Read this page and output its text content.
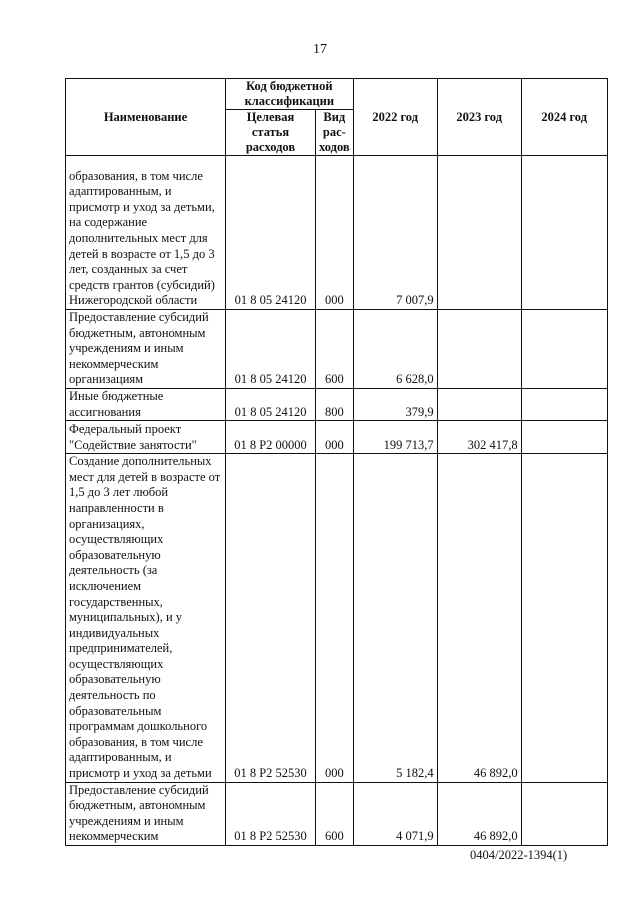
17
Наименование	Код бюджетной классификации		2022 год	2023 год	2024 год
	Целевая статья расходов	Вид рас-ходов			
образования, в том числе адаптированным, и присмотр и уход за детьми, на содержание дополнительных мест для детей в возрасте от 1,5 до 3 лет, созданных за счет средств грантов (субсидий) Нижегородской области	01 8 05 24120	000	7 007,9		
Предоставление субсидий бюджетным, автономным учреждениям и иным некоммерческим организациям	01 8 05 24120	600	6 628,0		
Иные бюджетные ассигнования	01 8 05 24120	800	379,9		
Федеральный проект "Содействие занятости"	01 8 P2 00000	000	199 713,7	302 417,8	
Создание дополнительных мест для детей в возрасте от 1,5 до 3 лет любой направленности в организациях, осуществляющих образовательную деятельность (за исключением государственных, муниципальных), и у индивидуальных предпринимателей, осуществляющих образовательную деятельность по образовательным программам дошкольного образования, в том числе адаптированным, и присмотр и уход за детьми	01 8 P2 52530	000	5 182,4	46 892,0	
Предоставление субсидий бюджетным, автономным учреждениям и иным некоммерческим	01 8 P2 52530	600	4 071,9	46 892,0	
0404/2022-1394(1)
